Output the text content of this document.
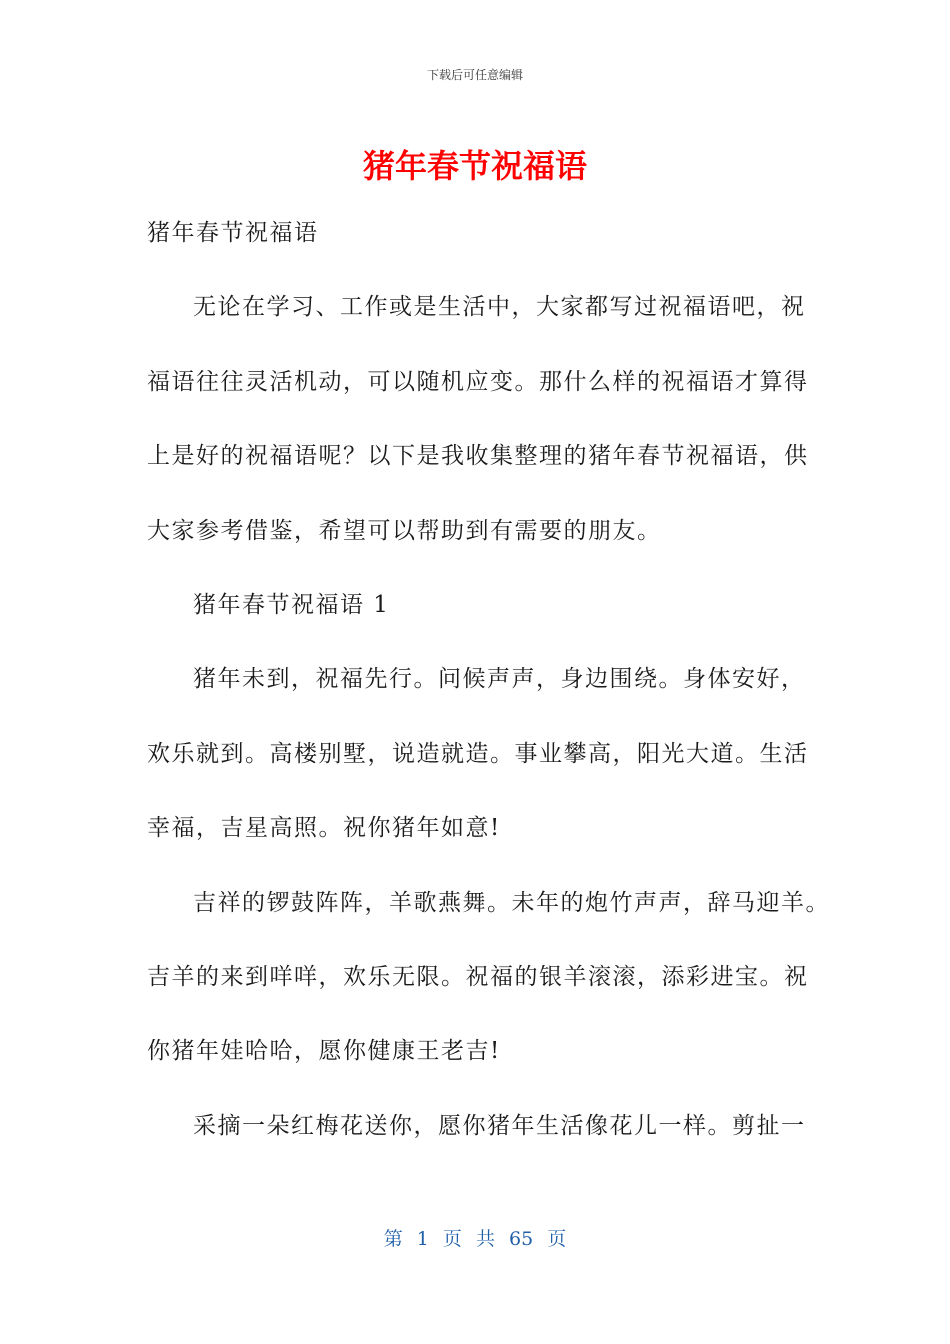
下载后可任意编辑
猪年春节祝福语

猪年春节祝福语

无论在学习、工作或是生活中，大家都写过祝福语吧，祝

福语往往灵活机动，可以随机应变。那什么样的祝福语才算得

上是好的祝福语呢？以下是我收集整理的猪年春节祝福语，供

大家参考借鉴，希望可以帮助到有需要的朋友。

猪年春节祝福语 1

猪年未到，祝福先行。问候声声，身边围绕。身体安好，

欢乐就到。高楼别墅，说造就造。事业攀高，阳光大道。生活

幸福，吉星高照。祝你猪年如意!

吉祥的锣鼓阵阵，羊歌燕舞。未年的炮竹声声，辞马迎羊。

吉羊的来到咩咩，欢乐无限。祝福的银羊滚滚，添彩进宝。祝

你猪年娃哈哈，愿你健康王老吉!

采摘一朵红梅花送你，愿你猪年生活像花儿一样。剪扯一

第 1 页 共 65 页
